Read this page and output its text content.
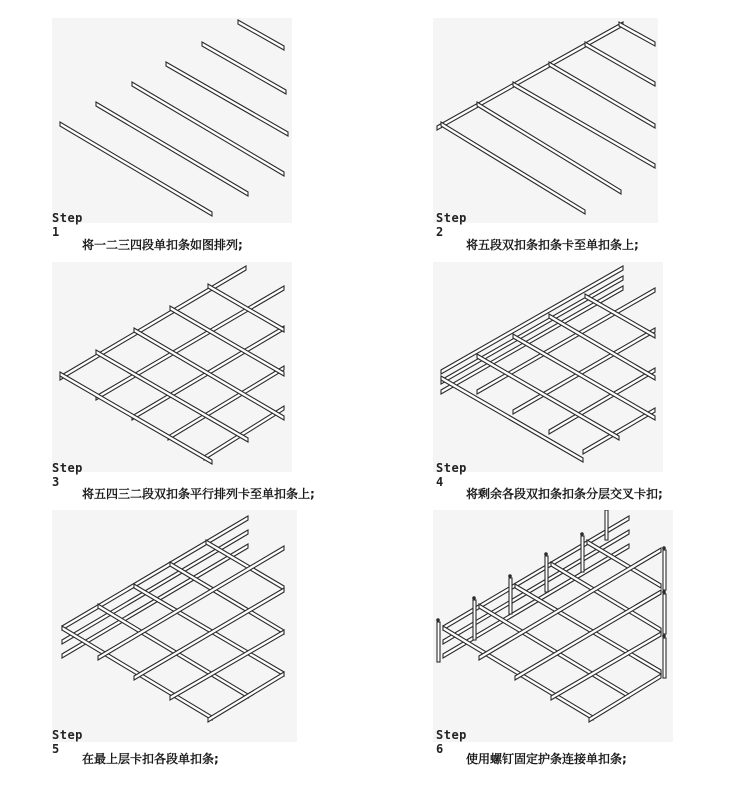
Step 1
将一二三四段单扣条如图排列;
Step 2
将五段双扣条扣条卡至单扣条上;
Step 3
将五四三二段双扣条平行排列卡至单扣条上;
Step 4
将剩余各段双扣条扣条分层交叉卡扣;
Step 5
在最上层卡扣各段单扣条;
Step 6
使用螺钉固定护条连接单扣条;
